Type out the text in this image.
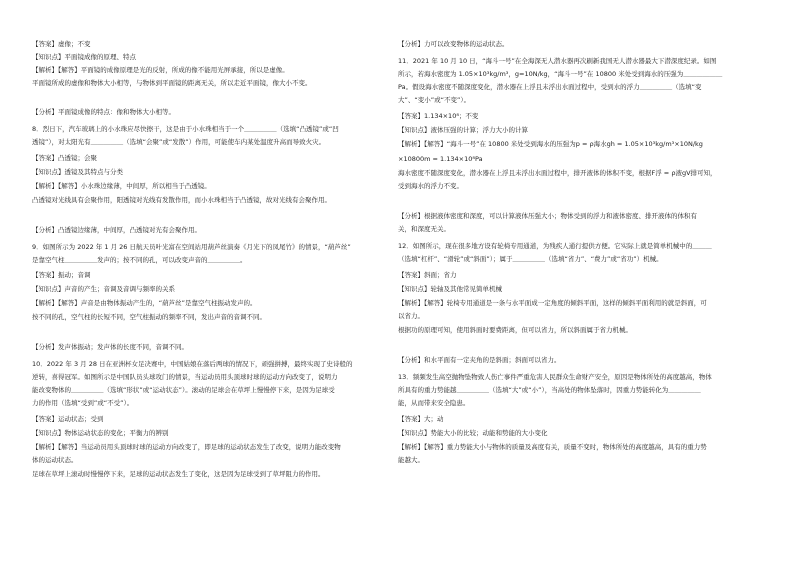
【答案】虚像；不变
【知识点】平面镜成像的原理、特点
【解析】【解答】平面镜的成像原理是光的反射，所成的像不能用光屏承接，所以是虚像。
平面镜所成的虚像和物体大小相等，与物体到平面镜的距离无关，所以走近平面镜，像大小不变。
【分析】平面镜成像的特点：像和物体大小相等。
8．烈日下，汽车玻璃上的小水珠应尽快擦干，这是由于小水珠相当于一个＿＿＿＿＿（选填“凸透镜”或“凹
透镜”），对太阳光有＿＿＿＿＿（选填“会聚”或“发散”）作用，可能使车内某处温度升高而导致火灾。
【答案】凸透镜；会聚
【知识点】透镜及其特点与分类
【解析】【解答】小水珠边缘薄，中间厚，所以相当于凸透镜。
凸透镜对光线具有会聚作用，阳透镜对光线有发散作用，而小水珠相当于凸透镜，故对光线有会聚作用。
【分析】凸透镜边缘薄，中间厚，凸透镜对光有会聚作用。
9．如图所示为 2022 年 1 月 26 日航天员叶光富在空间站用葫芦丝演奏《月光下的凤尾竹》的情景，“葫芦丝”
是靠空气柱＿＿＿＿＿发声的；按不同的孔，可以改变声音的＿＿＿＿＿。
【答案】振动；音调
【知识点】声音的产生；音调及音调与频率的关系
【解析】【解答】声音是由物体振动产生的，“葫芦丝”是靠空气柱振动发声的。
按不同的孔，空气柱的长短不同，空气柱振动的频率不同，发出声音的音调不同。
【分析】发声体振动；发声体的长度不同，音调不同。
10．2022 年 3 月 28 日在亚洲杯女足决赛中，中国姑娘在落后两球的情况下，顽强拼搏，最终实现了史诗般的
逆转，喜得冠军。如图所示是中国队员头球攻门的情景，当运动员用头顶球时球的运动方向改变了，说明力
能改变物体的＿＿＿＿＿（选填“形状”或“运动状态”）。滚动的足球会在草坪上慢慢停下来，是因为足球受
力的作用（选填“受到”或“不受”）。
【答案】运动状态；受到
【知识点】物体运动状态的变化；平衡力的辨别
【解析】【解答】当运动员用头顶球时球的运动方向改变了，即足球的运动状态发生了改变，说明力能改变物
体的运动状态。
足球在草坪上滚动时慢慢停下来，足球的运动状态发生了变化，这是因为足球受到了草坪阻力的作用。
【分析】力可以改变物体的运动状态。
11．2021 年 10 月 10 日，“海斗一号”在全海深无人潜水器再次刷新我国无人潜水器最大下潜深度纪录。如图
所示，若海水密度为 1.05×10³kg/m³，g=10N/kg，“海斗一号”在 10800 米处受到海水的压强为＿＿＿＿＿＿
Pa。假设海水密度不随深度变化，潜水器在上浮且未浮出水面过程中，受到水的浮力＿＿＿＿＿（选填“变
大”、“变小”或“不变”）。
【答案】1.134×10⁸；不变
【知识点】液体压强的计算；浮力大小的计算
【解析】【解答】“海斗一号”在 10800 米处受到海水的压强为p = ρ海水gh = 1.05×10³kg/m³×10N/kg
×10800m = 1.134×10⁸Pa
海水密度不随深度变化，潜水器在上浮且未浮出水面过程中，排开液体的体积不变，根据F浮 = ρ液gV排可知，
受到海水的浮力不变。
【分析】根据液体密度和深度，可以计算液体压强大小；物体受到的浮力和液体密度、排开液体的体积有
关，和深度无关。
12．如图所示，现在很多地方设有轮椅专用通道，为残疾人通行提供方便。它实际上就是简单机械中的＿＿＿
（选填“杠杆”、“滑轮”或“斜面”）；属于＿＿＿＿＿（选填“省力”、“费力”或“省功”）机械。
【答案】斜面；省力
【知识点】轮轴及其他常见简单机械
【解析】【解答】轮椅专用通道是一条与水平面成一定角度的倾斜平面，这样的倾斜平面利用的就是斜面，可
以省力。
根据功的原理可知，使用斜面时要费距离，但可以省力，所以斜面属于省力机械。
【分析】和水平面有一定夹角的是斜面；斜面可以省力。
13．频频发生高空抛物坠物致人伤亡事件严重危害人民群众生命财产安全，原因是物体所处的高度越高，物体
所具有的重力势能越＿＿＿＿＿（选填“大”或“小”），当高处的物体坠落时，因重力势能转化为＿＿＿＿＿
能，从而带来安全隐患。
【答案】大；动
【知识点】势能大小的比较；动能和势能的大小变化
【解析】【解答】重力势能大小与物体的质量及高度有关，质量不变时，物体所处的高度越高，具有的重力势
能越大。
